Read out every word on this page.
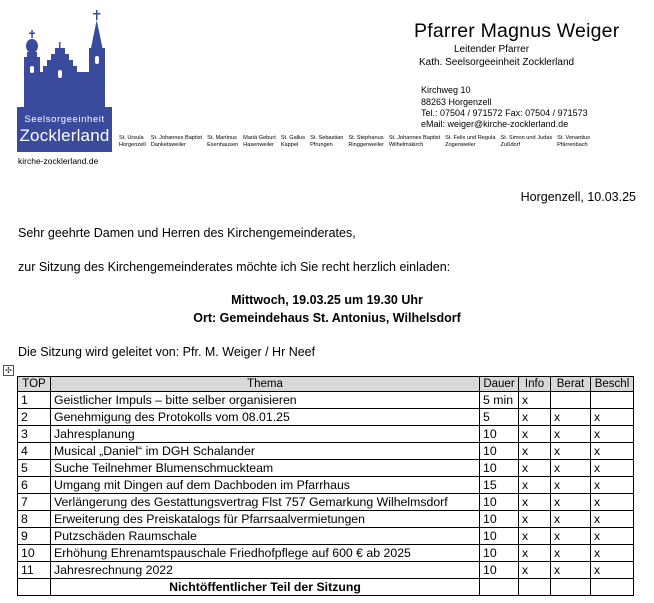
Seelsorgeeinheit
Zocklerland
kirche-zocklerland.de
Pfarrer Magnus Weiger
Leitender Pfarrer
Kath. Seelsorgeeinheit Zocklerland
Kirchweg 10
88263 Horgenzell
Tel.: 07504 / 971572 Fax: 07504 / 971573
eMail: weiger@kirche-zocklerland.de
St. Ursula
Horgenzell
St. Johannes Baptist
Danketsweiler
St. Martinus
Esenhausen
Mariä Geburt
Hasenweiler
St. Gallus
Kappel
St. Sebastian
Pfrungen
St. Stephanus
Ringgenweiler
St. Johannes Baptist
Wilhelmskirch
St. Felix und Regula
Zogenweiler
St. Simon und Judas
Zußdorf
St. Venantius
Pfärrenbach
Horgenzell, 10.03.25
Sehr geehrte Damen und Herren des Kirchengemeinderates,
zur Sitzung des Kirchengemeinderates möchte ich Sie recht herzlich einladen:
Mittwoch, 19.03.25 um 19.30 Uhr
Ort: Gemeindehaus St. Antonius, Wilhelsdorf
Die Sitzung wird geleitet von: Pfr. M. Weiger / Hr Neef
✣
TOP	Thema	Dauer	Info	Berat	Beschl
1	Geistlicher Impuls – bitte selber organisieren	5 min	x		
2	Genehmigung des Protokolls vom 08.01.25	5	x	x	x
3	Jahresplanung	10	x	x	x
4	Musical „Daniel“ im DGH Schalander	10	x	x	x
5	Suche Teilnehmer Blumenschmuckteam	10	x	x	x
6	Umgang mit Dingen auf dem Dachboden im Pfarrhaus	15	x	x	x
7	Verlängerung des Gestattungsvertrag Flst 757 Gemarkung Wilhelmsdorf	10	x	x	x
8	Erweiterung des Preiskatalogs für Pfarrsaalvermietungen	10	x	x	x
9	Putzschäden Raumschale	10	x	x	x
10	Erhöhung Ehrenamtspauschale Friedhofpflege auf 600 € ab 2025	10	x	x	x
11	Jahresrechnung 2022	10	x	x	x
	Nichtöffentlicher Teil der Sitzung				
